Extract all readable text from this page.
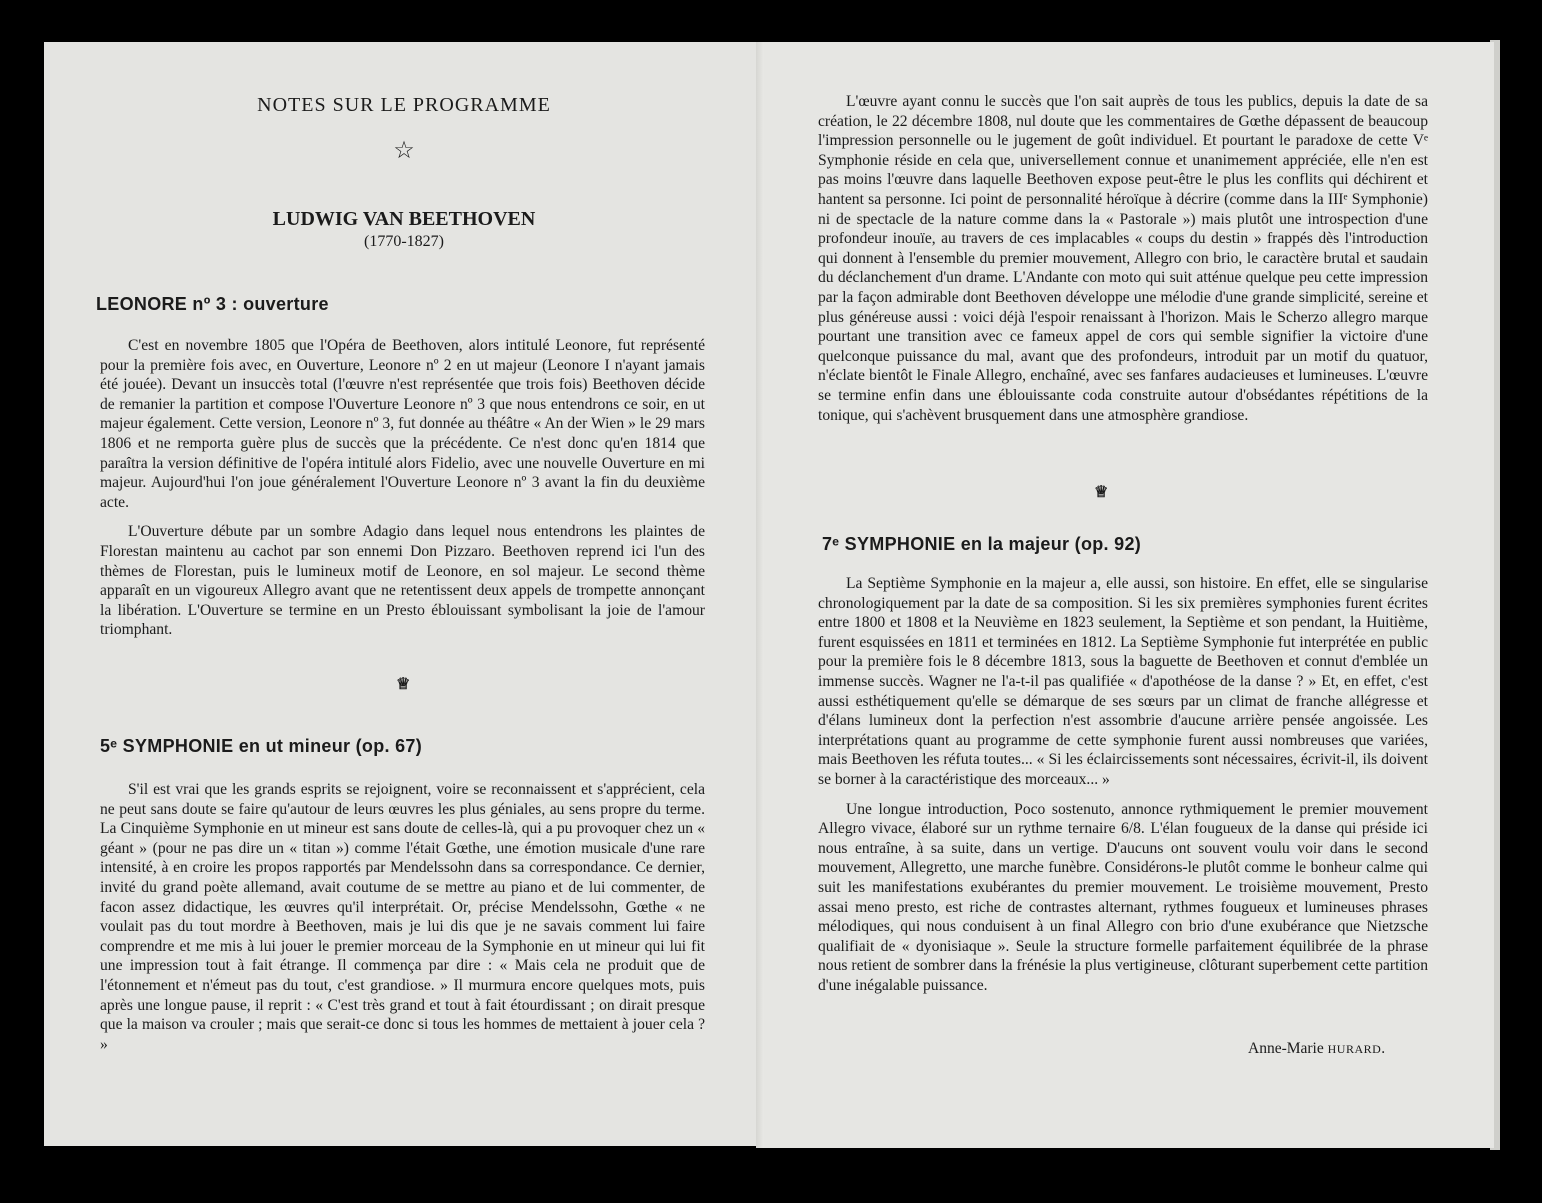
NOTES SUR LE PROGRAMME
☆
LUDWIG VAN BEETHOVEN
(1770-1827)
LEONORE nº 3 : ouverture

C'est en novembre 1805 que l'Opéra de Beethoven, alors intitulé Leonore, fut représenté pour la première fois avec, en Ouverture, Leonore nº 2 en ut majeur (Leonore I n'ayant jamais été jouée). Devant un insuccès total (l'œuvre n'est représentée que trois fois) Beethoven décide de remanier la partition et compose l'Ouverture Leonore nº 3 que nous entendrons ce soir, en ut majeur également. Cette version, Leonore nº 3, fut donnée au théâtre « An der Wien » le 29 mars 1806 et ne remporta guère plus de succès que la précédente. Ce n'est donc qu'en 1814 que paraîtra la version définitive de l'opéra intitulé alors Fidelio, avec une nouvelle Ouverture en mi majeur. Aujourd'hui l'on joue généralement l'Ouverture Leonore nº 3 avant la fin du deuxième acte.

L'Ouverture débute par un sombre Adagio dans lequel nous entendrons les plaintes de Florestan maintenu au cachot par son ennemi Don Pizzaro. Beethoven reprend ici l'un des thèmes de Florestan, puis le lumineux motif de Leonore, en sol majeur. Le second thème apparaît en un vigoureux Allegro avant que ne retentissent deux appels de trompette annonçant la libération. L'Ouverture se termine en un Presto éblouissant symbolisant la joie de l'amour triomphant.

♕
5ᵉ SYMPHONIE en ut mineur (op. 67)

S'il est vrai que les grands esprits se rejoignent, voire se reconnaissent et s'apprécient, cela ne peut sans doute se faire qu'autour de leurs œuvres les plus géniales, au sens propre du terme. La Cinquième Symphonie en ut mineur est sans doute de celles-là, qui a pu provoquer chez un « géant » (pour ne pas dire un « titan ») comme l'était Gœthe, une émotion musicale d'une rare intensité, à en croire les propos rapportés par Mendelssohn dans sa correspondance. Ce dernier, invité du grand poète allemand, avait coutume de se mettre au piano et de lui commenter, de facon assez didactique, les œuvres qu'il interprétait. Or, précise Mendelssohn, Gœthe « ne voulait pas du tout mordre à Beethoven, mais je lui dis que je ne savais comment lui faire comprendre et me mis à lui jouer le premier morceau de la Symphonie en ut mineur qui lui fit une impression tout à fait étrange. Il commença par dire : « Mais cela ne produit que de l'étonnement et n'émeut pas du tout, c'est grandiose. » Il murmura encore quelques mots, puis après une longue pause, il reprit : « C'est très grand et tout à fait étourdissant ; on dirait presque que la maison va crouler ; mais que serait-ce donc si tous les hommes de mettaient à jouer cela ? »

L'œuvre ayant connu le succès que l'on sait auprès de tous les publics, depuis la date de sa création, le 22 décembre 1808, nul doute que les commentaires de Gœthe dépassent de beaucoup l'impression personnelle ou le jugement de goût individuel. Et pourtant le paradoxe de cette Vᵉ Symphonie réside en cela que, universellement connue et unanimement appréciée, elle n'en est pas moins l'œuvre dans laquelle Beethoven expose peut-être le plus les conflits qui déchirent et hantent sa personne. Ici point de personnalité héroïque à décrire (comme dans la IIIᵉ Symphonie) ni de spectacle de la nature comme dans la « Pastorale ») mais plutôt une introspection d'une profondeur inouïe, au travers de ces implacables « coups du destin » frappés dès l'introduction qui donnent à l'ensemble du premier mouvement, Allegro con brio, le caractère brutal et saudain du déclanchement d'un drame. L'Andante con moto qui suit atténue quelque peu cette impression par la façon admirable dont Beethoven développe une mélodie d'une grande simplicité, sereine et plus généreuse aussi : voici déjà l'espoir renaissant à l'horizon. Mais le Scherzo allegro marque pourtant une transition avec ce fameux appel de cors qui semble signifier la victoire d'une quelconque puissance du mal, avant que des profondeurs, introduit par un motif du quatuor, n'éclate bientôt le Finale Allegro, enchaîné, avec ses fanfares audacieuses et lumineuses. L'œuvre se termine enfin dans une éblouissante coda construite autour d'obsédantes répétitions de la tonique, qui s'achèvent brusquement dans une atmosphère grandiose.

♕
7ᵉ SYMPHONIE en la majeur (op. 92)

La Septième Symphonie en la majeur a, elle aussi, son histoire. En effet, elle se singularise chronologiquement par la date de sa composition. Si les six premières symphonies furent écrites entre 1800 et 1808 et la Neuvième en 1823 seulement, la Septième et son pendant, la Huitième, furent esquissées en 1811 et terminées en 1812. La Septième Symphonie fut interprétée en public pour la première fois le 8 décembre 1813, sous la baguette de Beethoven et connut d'emblée un immense succès. Wagner ne l'a-t-il pas qualifiée « d'apothéose de la danse ? » Et, en effet, c'est aussi esthétiquement qu'elle se démarque de ses sœurs par un climat de franche allégresse et d'élans lumineux dont la perfection n'est assombrie d'aucune arrière pensée angoissée. Les interprétations quant au programme de cette symphonie furent aussi nombreuses que variées, mais Beethoven les réfuta toutes... « Si les éclaircissements sont nécessaires, écrivit-il, ils doivent se borner à la caractéristique des morceaux... »

Une longue introduction, Poco sostenuto, annonce rythmiquement le premier mouvement Allegro vivace, élaboré sur un rythme ternaire 6/8. L'élan fougueux de la danse qui préside ici nous entraîne, à sa suite, dans un vertige. D'aucuns ont souvent voulu voir dans le second mouvement, Allegretto, une marche funèbre. Considérons-le plutôt comme le bonheur calme qui suit les manifestations exubérantes du premier mouvement. Le troisième mouvement, Presto assai meno presto, est riche de contrastes alternant, rythmes fougueux et lumineuses phrases mélodiques, qui nous conduisent à un final Allegro con brio d'une exubérance que Nietzsche qualifiait de « dyonisiaque ». Seule la structure formelle parfaitement équilibrée de la phrase nous retient de sombrer dans la frénésie la plus vertigineuse, clôturant superbement cette partition d'une inégalable puissance.

Anne-Marie HURARD.
